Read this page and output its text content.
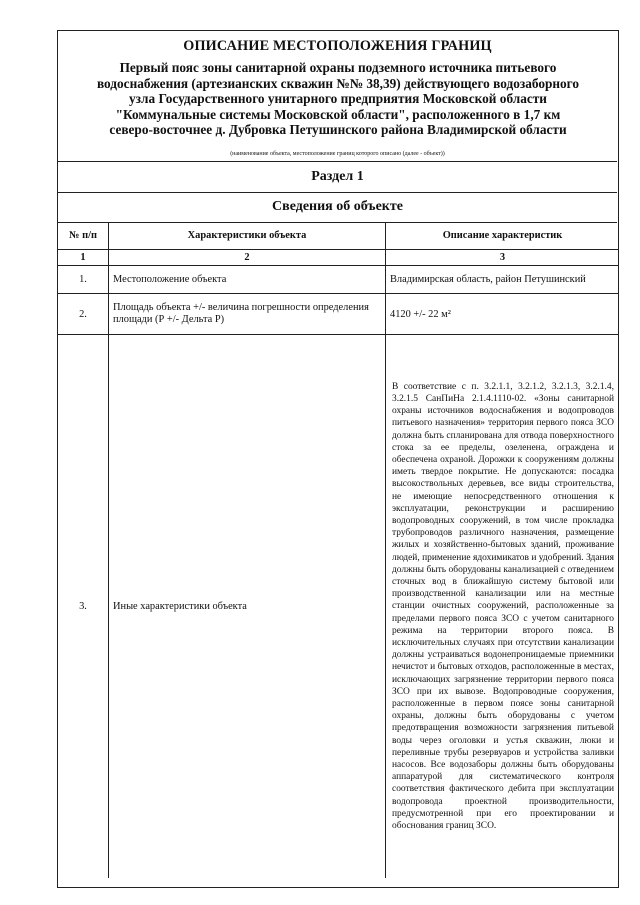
ОПИСАНИЕ МЕСТОПОЛОЖЕНИЯ ГРАНИЦ
Первый пояс зоны санитарной охраны подземного источника питьевого
водоснабжения (артезианских скважин №№ 38,39) действующего водозаборного
узла Государственного унитарного предприятия Московской области
"Коммунальные системы Московской области", расположенного в 1,7 км
северо-восточнее д. Дубровка Петушинского района Владимирской области
(наименование объекта, местоположение границ которого описано (далее - объект))
Раздел 1
Сведения об объекте
№ п/п	Характеристики объекта	Описание характеристик
1	2	3
1.	Местоположение объекта	Владимирская область, район Петушинский
2.	Площадь объекта +/- величина погрешности определения площади (Р +/- Дельта Р)	4120 +/- 22 м²
3.	Иные характеристики объекта	В соответствие с п. 3.2.1.1, 3.2.1.2, 3.2.1.3, 3.2.1.4, 3.2.1.5 СанПиНа 2.1.4.1110-02. «Зоны санитарной охраны источников водоснабжения и водопроводов питьевого назначения» территория первого пояса ЗСО должна быть спланирована для отвода поверхностного стока за ее пределы, озеленена, ограждена и обеспечена охраной. Дорожки к сооружениям должны иметь твердое покрытие. Не допускаются: посадка высокоствольных деревьев, все виды строительства, не имеющие непосредственного отношения к эксплуатации, реконструкции и расширению водопроводных сооружений, в том числе прокладка трубопроводов различного назначения, размещение жилых и хозяйственно-бытовых зданий, проживание людей, применение ядохимикатов и удобрений. Здания должны быть оборудованы канализацией с отведением сточных вод в ближайшую систему бытовой или производственной канализации или на местные станции очистных сооружений, расположенные за пределами первого пояса ЗСО с учетом санитарного режима на территории второго пояса. В исключительных случаях при отсутствии канализации должны устраиваться водонепроницаемые приемники нечистот и бытовых отходов, расположенные в местах, исключающих загрязнение территории первого пояса ЗСО при их вывозе. Водопроводные сооружения, расположенные в первом поясе зоны санитарной охраны, должны быть оборудованы с учетом предотвращения возможности загрязнения питьевой воды через оголовки и устья скважин, люки и переливные трубы резервуаров и устройства заливки насосов. Все водозаборы должны быть оборудованы аппаратурой для систематического контроля соответствия фактического дебита при эксплуатации водопровода проектной производительности, предусмотренной при его проектировании и обоснования границ ЗСО.
